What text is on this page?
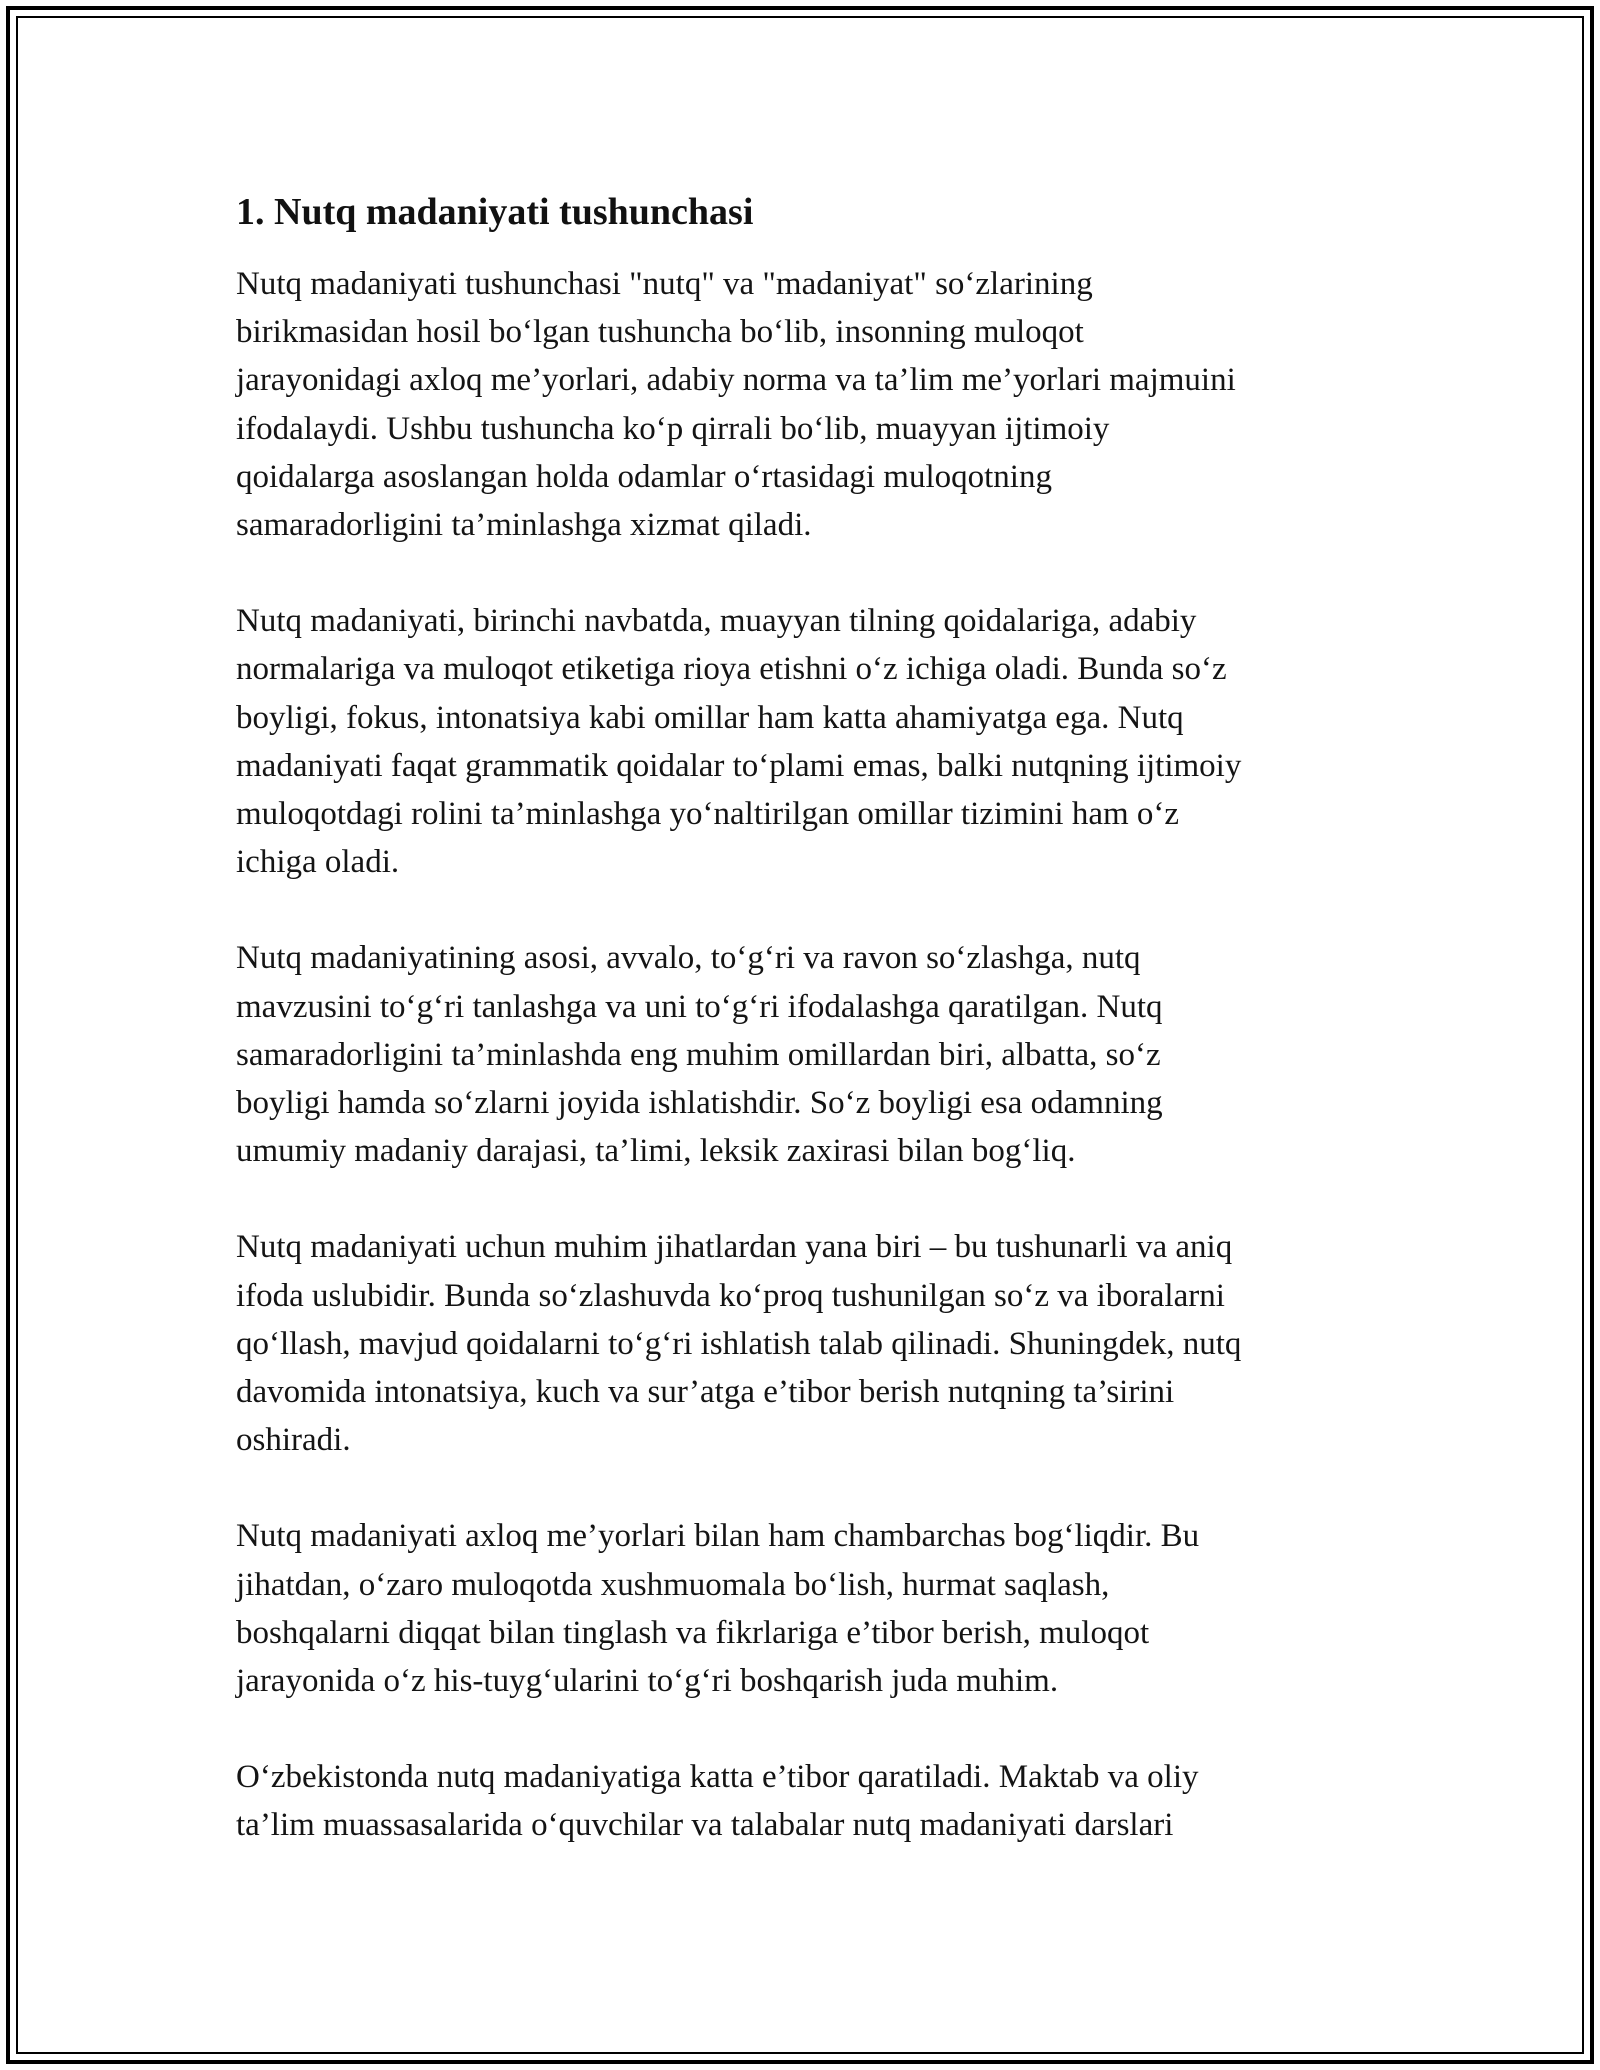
1. Nutq madaniyati tushunchasi

Nutq madaniyati tushunchasi "nutq" va "madaniyat" so‘zlarining
birikmasidan hosil bo‘lgan tushuncha bo‘lib, insonning muloqot
jarayonidagi axloq me’yorlari, adabiy norma va ta’lim me’yorlari majmuini
ifodalaydi. Ushbu tushuncha ko‘p qirrali bo‘lib, muayyan ijtimoiy
qoidalarga asoslangan holda odamlar o‘rtasidagi muloqotning
samaradorligini ta’minlashga xizmat qiladi.

Nutq madaniyati, birinchi navbatda, muayyan tilning qoidalariga, adabiy
normalariga va muloqot etiketiga rioya etishni o‘z ichiga oladi. Bunda so‘z
boyligi, fokus, intonatsiya kabi omillar ham katta ahamiyatga ega. Nutq
madaniyati faqat grammatik qoidalar to‘plami emas, balki nutqning ijtimoiy
muloqotdagi rolini ta’minlashga yo‘naltirilgan omillar tizimini ham o‘z
ichiga oladi.

Nutq madaniyatining asosi, avvalo, to‘g‘ri va ravon so‘zlashga, nutq
mavzusini to‘g‘ri tanlashga va uni to‘g‘ri ifodalashga qaratilgan. Nutq
samaradorligini ta’minlashda eng muhim omillardan biri, albatta, so‘z
boyligi hamda so‘zlarni joyida ishlatishdir. So‘z boyligi esa odamning
umumiy madaniy darajasi, ta’limi, leksik zaxirasi bilan bog‘liq.

Nutq madaniyati uchun muhim jihatlardan yana biri – bu tushunarli va aniq
ifoda uslubidir. Bunda so‘zlashuvda ko‘proq tushunilgan so‘z va iboralarni
qo‘llash, mavjud qoidalarni to‘g‘ri ishlatish talab qilinadi. Shuningdek, nutq
davomida intonatsiya, kuch va sur’atga e’tibor berish nutqning ta’sirini
oshiradi.

Nutq madaniyati axloq me’yorlari bilan ham chambarchas bog‘liqdir. Bu
jihatdan, o‘zaro muloqotda xushmuomala bo‘lish, hurmat saqlash,
boshqalarni diqqat bilan tinglash va fikrlariga e’tibor berish, muloqot
jarayonida o‘z his-tuyg‘ularini to‘g‘ri boshqarish juda muhim.

O‘zbekistonda nutq madaniyatiga katta e’tibor qaratiladi. Maktab va oliy
ta’lim muassasalarida o‘quvchilar va talabalar nutq madaniyati darslari
